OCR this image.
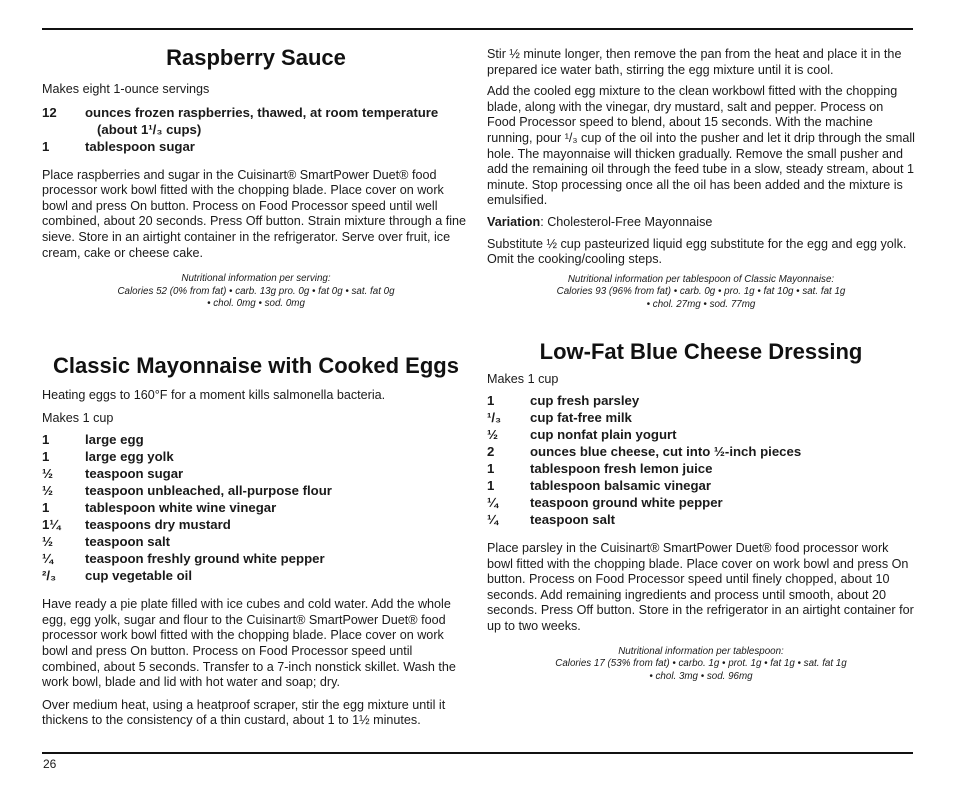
Raspberry Sauce

Makes eight 1-ounce servings

12	ounces frozen raspberries, thawed, at room temperature
(about 1¹/₃ cups)
1	tablespoon sugar

Place raspberries and sugar in the Cuisinart® SmartPower Duet® food processor work bowl fitted with the chopping blade. Place cover on work bowl and press On button. Process on Food Processor speed until well combined, about 20 seconds. Press Off button. Strain mixture through a fine sieve. Store in an airtight container in the refrigerator. Serve over fruit, ice cream, cake or cheese cake.

Nutritional information per serving:
Calories 52 (0% from fat) • carb. 13g pro. 0g • fat 0g • sat. fat 0g
• chol. 0mg • sod. 0mg
Classic Mayonnaise with Cooked Eggs

Heating eggs to 160°F for a moment kills salmonella bacteria.

Makes 1 cup

1	large egg
1	large egg yolk
½	teaspoon sugar
½	teaspoon unbleached, all-purpose flour
1	tablespoon white wine vinegar
1¼	teaspoons dry mustard
½	teaspoon salt
¼	teaspoon freshly ground white pepper
²/₃	cup vegetable oil

Have ready a pie plate filled with ice cubes and cold water. Add the whole egg, egg yolk, sugar and flour to the Cuisinart® SmartPower Duet® food processor work bowl fitted with the chopping blade. Place cover on work bowl and press On button. Process on Food Processor speed until combined, about 5 seconds. Transfer to a 7-inch nonstick skillet. Wash the work bowl, blade and lid with hot water and soap; dry.

Over medium heat, using a heatproof scraper, stir the egg mixture until it thickens to the consistency of a thin custard, about 1 to 1½ minutes.

Stir ½ minute longer, then remove the pan from the heat and place it in the prepared ice water bath, stirring the egg mixture until it is cool.

Add the cooled egg mixture to the clean workbowl fitted with the chopping blade, along with the vinegar, dry mustard, salt and pepper. Process on Food Processor speed to blend, about 15 seconds. With the machine running, pour ¹/₃ cup of the oil into the pusher and let it drip through the small hole. The mayonnaise will thicken gradually. Remove the small pusher and add the remaining oil through the feed tube in a slow, steady stream, about 1 minute. Stop processing once all the oil has been added and the mixture is emulsified.

Variation: Cholesterol-Free Mayonnaise

Substitute ½ cup pasteurized liquid egg substitute for the egg and egg yolk. Omit the cooking/cooling steps.

Nutritional information per tablespoon of Classic Mayonnaise:
Calories 93 (96% from fat) • carb. 0g • pro. 1g • fat 10g • sat. fat 1g
• chol. 27mg • sod. 77mg
Low-Fat Blue Cheese Dressing

Makes 1 cup

1	cup fresh parsley
¹/₃	cup fat-free milk
½	cup nonfat plain yogurt
2	ounces blue cheese, cut into ½-inch pieces
1	tablespoon fresh lemon juice
1	tablespoon balsamic vinegar
¼	teaspoon ground white pepper
¼	teaspoon salt

Place parsley in the Cuisinart® SmartPower Duet® food processor work bowl fitted with the chopping blade. Place cover on work bowl and press On button. Process on Food Processor speed until finely chopped, about 10 seconds. Add remaining ingredients and process until smooth, about 20 seconds. Press Off button. Store in the refrigerator in an airtight container for up to two weeks.

Nutritional information per tablespoon:
Calories 17 (53% from fat) • carbo. 1g • prot. 1g • fat 1g • sat. fat 1g
• chol. 3mg • sod. 96mg
26
